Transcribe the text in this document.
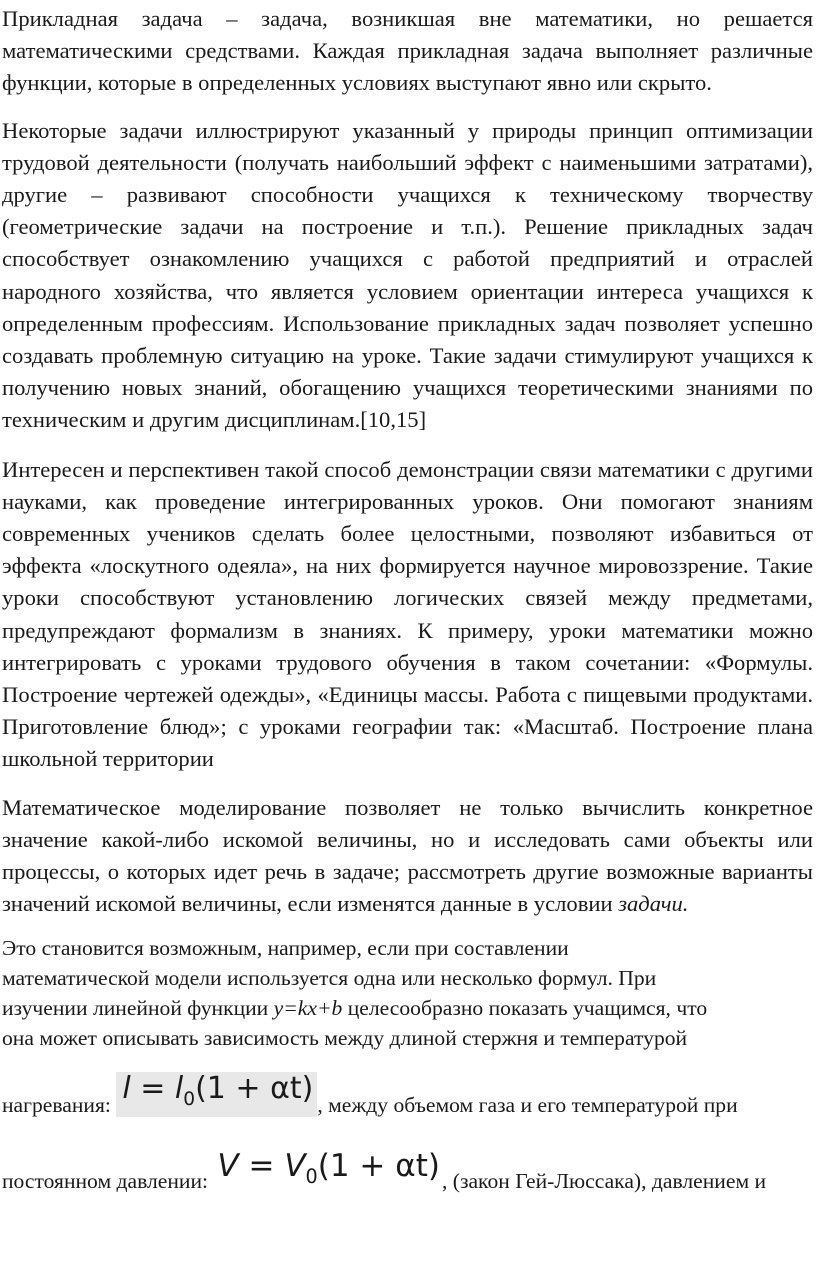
Прикладная задача – задача, возникшая вне математики, но решается математическими средствами. Каждая прикладная задача выполняет различные функции, которые в определенных условиях выступают явно или скрыто.

Некоторые задачи иллюстрируют указанный у природы принцип оптимизации трудовой деятельности (получать наибольший эффект с наименьшими затратами), другие – развивают способности учащихся к техническому творчеству (геометрические задачи на построение и т.п.). Решение прикладных задач способствует ознакомлению учащихся с работой предприятий и отраслей народного хозяйства, что является условием ориентации интереса учащихся к определенным профессиям. Использование прикладных задач позволяет успешно создавать проблемную ситуацию на уроке. Такие задачи стимулируют учащихся к получению новых знаний, обогащению учащихся теоретическими знаниями по техническим и другим дисциплинам.[10,15]

Интересен и перспективен такой способ демонстрации связи математики с другими науками, как проведение интегрированных уроков. Они помогают знаниям современных учеников сделать более целостными, позволяют избавиться от эффекта «лоскутного одеяла», на них формируется научное мировоззрение. Такие уроки способствуют установлению логических связей между предметами, предупреждают формализм в знаниях. К примеру, уроки математики можно интегрировать с уроками трудового обучения в таком сочетании: «Формулы. Построение чертежей одежды», «Единицы массы. Работа с пищевыми продуктами. Приготовление блюд»; с уроками географии так: «Масштаб. Построение плана школьной территории

Математическое моделирование позволяет не только вычислить конкретное значение какой-либо искомой величины, но и исследовать сами объекты или процессы, о которых идет речь в задаче; рассмотреть другие возможные варианты значений искомой величины, если изменятся данные в условии задачи.

Это становится возможным, например, если при составлении
математической модели используется одна или несколько формул. При
изучении линейной функции y=kx+b целесообразно показать учащимся, что
она может описывать зависимость между длиной стержня и температурой

нагревания: $l = l_0(1 + \alpha t)$ , между объемом газа и его температурой при

постоянном давлении: $V = V_0(1 + \alpha t)$, (закон Гей-Люссака), давлением и
